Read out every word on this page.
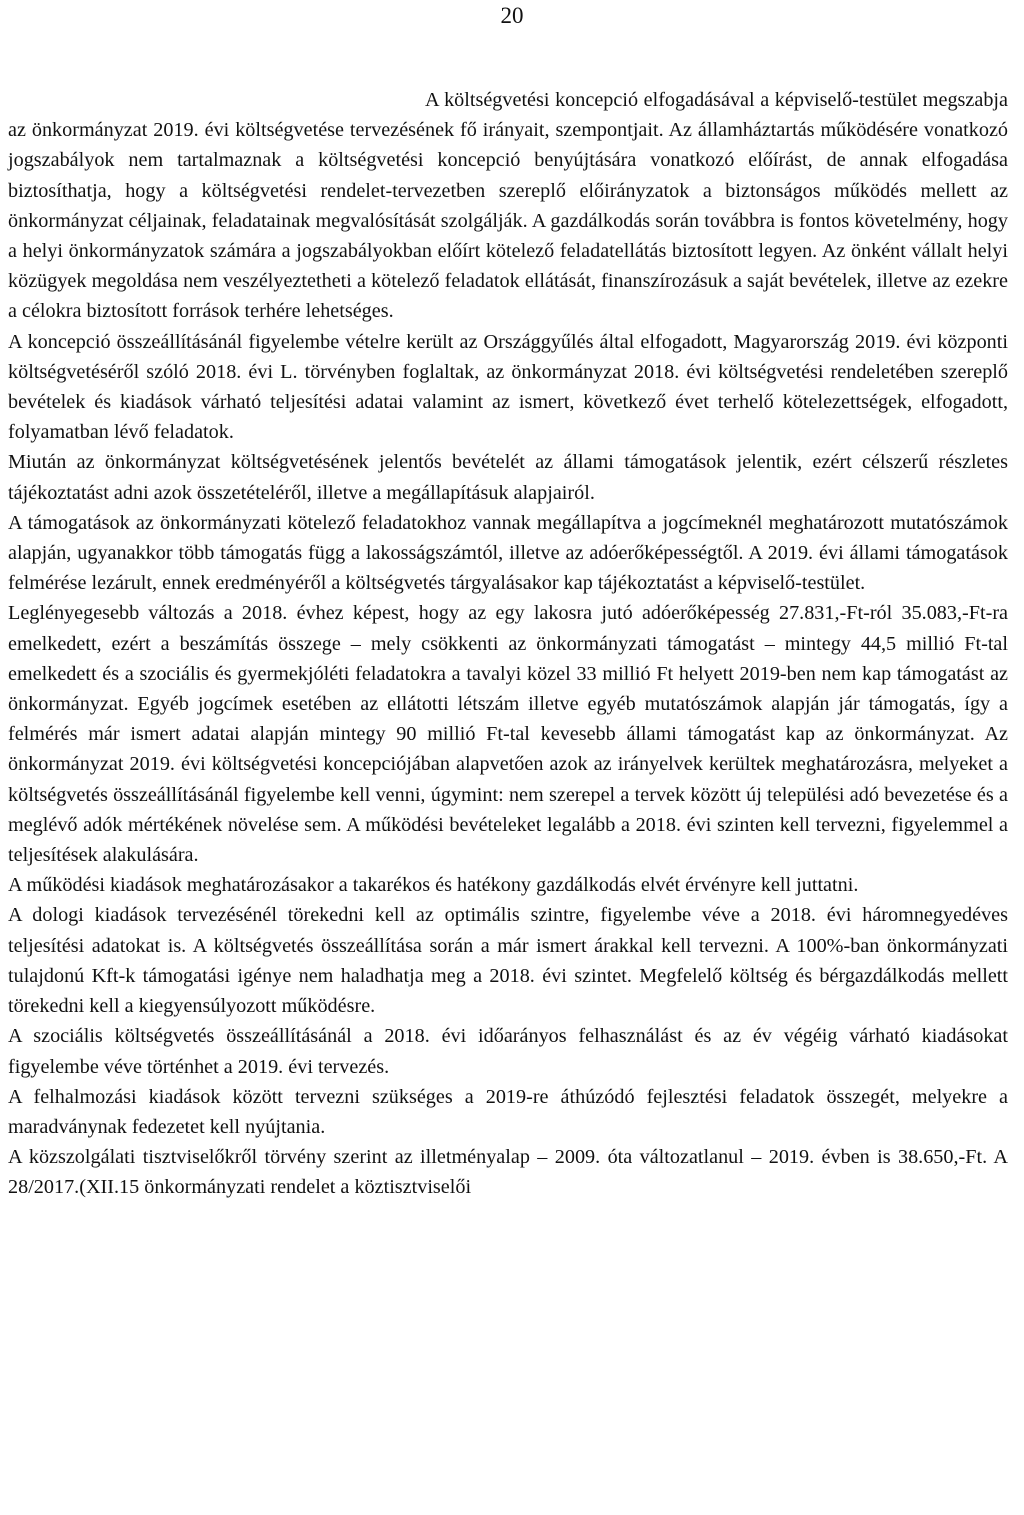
20

A költségvetési koncepció elfogadásával a képviselő-testület megszabja az önkormányzat 2019. évi költségvetése tervezésének fő irányait, szempontjait. Az államháztartás működésére vonatkozó jogszabályok nem tartalmaznak a költségvetési koncepció benyújtására vonatkozó előírást, de annak elfogadása biztosíthatja, hogy a költségvetési rendelet-tervezetben szereplő előirányzatok a biztonságos működés mellett az önkormányzat céljainak, feladatainak megvalósítását szolgálják. A gazdálkodás során továbbra is fontos követelmény, hogy a helyi önkormányzatok számára a jogszabályokban előírt kötelező feladatellátás biztosított legyen. Az önként vállalt helyi közügyek megoldása nem veszélyeztetheti a kötelező feladatok ellátását, finanszírozásuk a saját bevételek, illetve az ezekre a célokra biztosított források terhére lehetséges.

A koncepció összeállításánál figyelembe vételre került az Országgyűlés által elfogadott, Magyarország 2019. évi központi költségvetéséről szóló 2018. évi L. törvényben foglaltak, az önkormányzat 2018. évi költségvetési rendeletében szereplő bevételek és kiadások várható teljesítési adatai valamint az ismert, következő évet terhelő kötelezettségek, elfogadott, folyamatban lévő feladatok.

Miután az önkormányzat költségvetésének jelentős bevételét az állami támogatások jelentik, ezért célszerű részletes tájékoztatást adni azok összetételéről, illetve a megállapításuk alapjairól.

A támogatások az önkormányzati kötelező feladatokhoz vannak megállapítva a jogcímeknél meghatározott mutatószámok alapján, ugyanakkor több támogatás függ a lakosságszámtól, illetve az adóerőképességtől. A 2019. évi állami támogatások felmérése lezárult, ennek eredményéről a költségvetés tárgyalásakor kap tájékoztatást a képviselő-testület.

Leglényegesebb változás a 2018. évhez képest, hogy az egy lakosra jutó adóerőképesség 27.831,-Ft-ról 35.083,-Ft-ra emelkedett, ezért a beszámítás összege – mely csökkenti az önkormányzati támogatást – mintegy 44,5 millió Ft-tal emelkedett és a szociális és gyermekjóléti feladatokra a tavalyi közel 33 millió Ft helyett 2019-ben nem kap támogatást az önkormányzat. Egyéb jogcímek esetében az ellátotti létszám illetve egyéb mutatószámok alapján jár támogatás, így a felmérés már ismert adatai alapján mintegy 90 millió Ft-tal kevesebb állami támogatást kap az önkormányzat. Az önkormányzat 2019. évi költségvetési koncepciójában alapvetően azok az irányelvek kerültek meghatározásra, melyeket a költségvetés összeállításánál figyelembe kell venni, úgymint: nem szerepel a tervek között új települési adó bevezetése és a meglévő adók mértékének növelése sem. A működési bevételeket legalább a 2018. évi szinten kell tervezni, figyelemmel a teljesítések alakulására.

A működési kiadások meghatározásakor a takarékos és hatékony gazdálkodás elvét érvényre kell juttatni.

A dologi kiadások tervezésénél törekedni kell az optimális szintre, figyelembe véve a 2018. évi háromnegyedéves teljesítési adatokat is. A költségvetés összeállítása során a már ismert árakkal kell tervezni. A 100%-ban önkormányzati tulajdonú Kft-k támogatási igénye nem haladhatja meg a 2018. évi szintet. Megfelelő költség és bérgazdálkodás mellett törekedni kell a kiegyensúlyozott működésre.

A szociális költségvetés összeállításánál a 2018. évi időarányos felhasználást és az év végéig várható kiadásokat figyelembe véve történhet a 2019. évi tervezés.

A felhalmozási kiadások között tervezni szükséges a 2019-re áthúzódó fejlesztési feladatok összegét, melyekre a maradványnak fedezetet kell nyújtania.

A közszolgálati tisztviselőkről törvény szerint az illetményalap – 2009. óta változatlanul – 2019. évben is 38.650,-Ft. A 28/2017.(XII.15 önkormányzati rendelet a köztisztviselői
